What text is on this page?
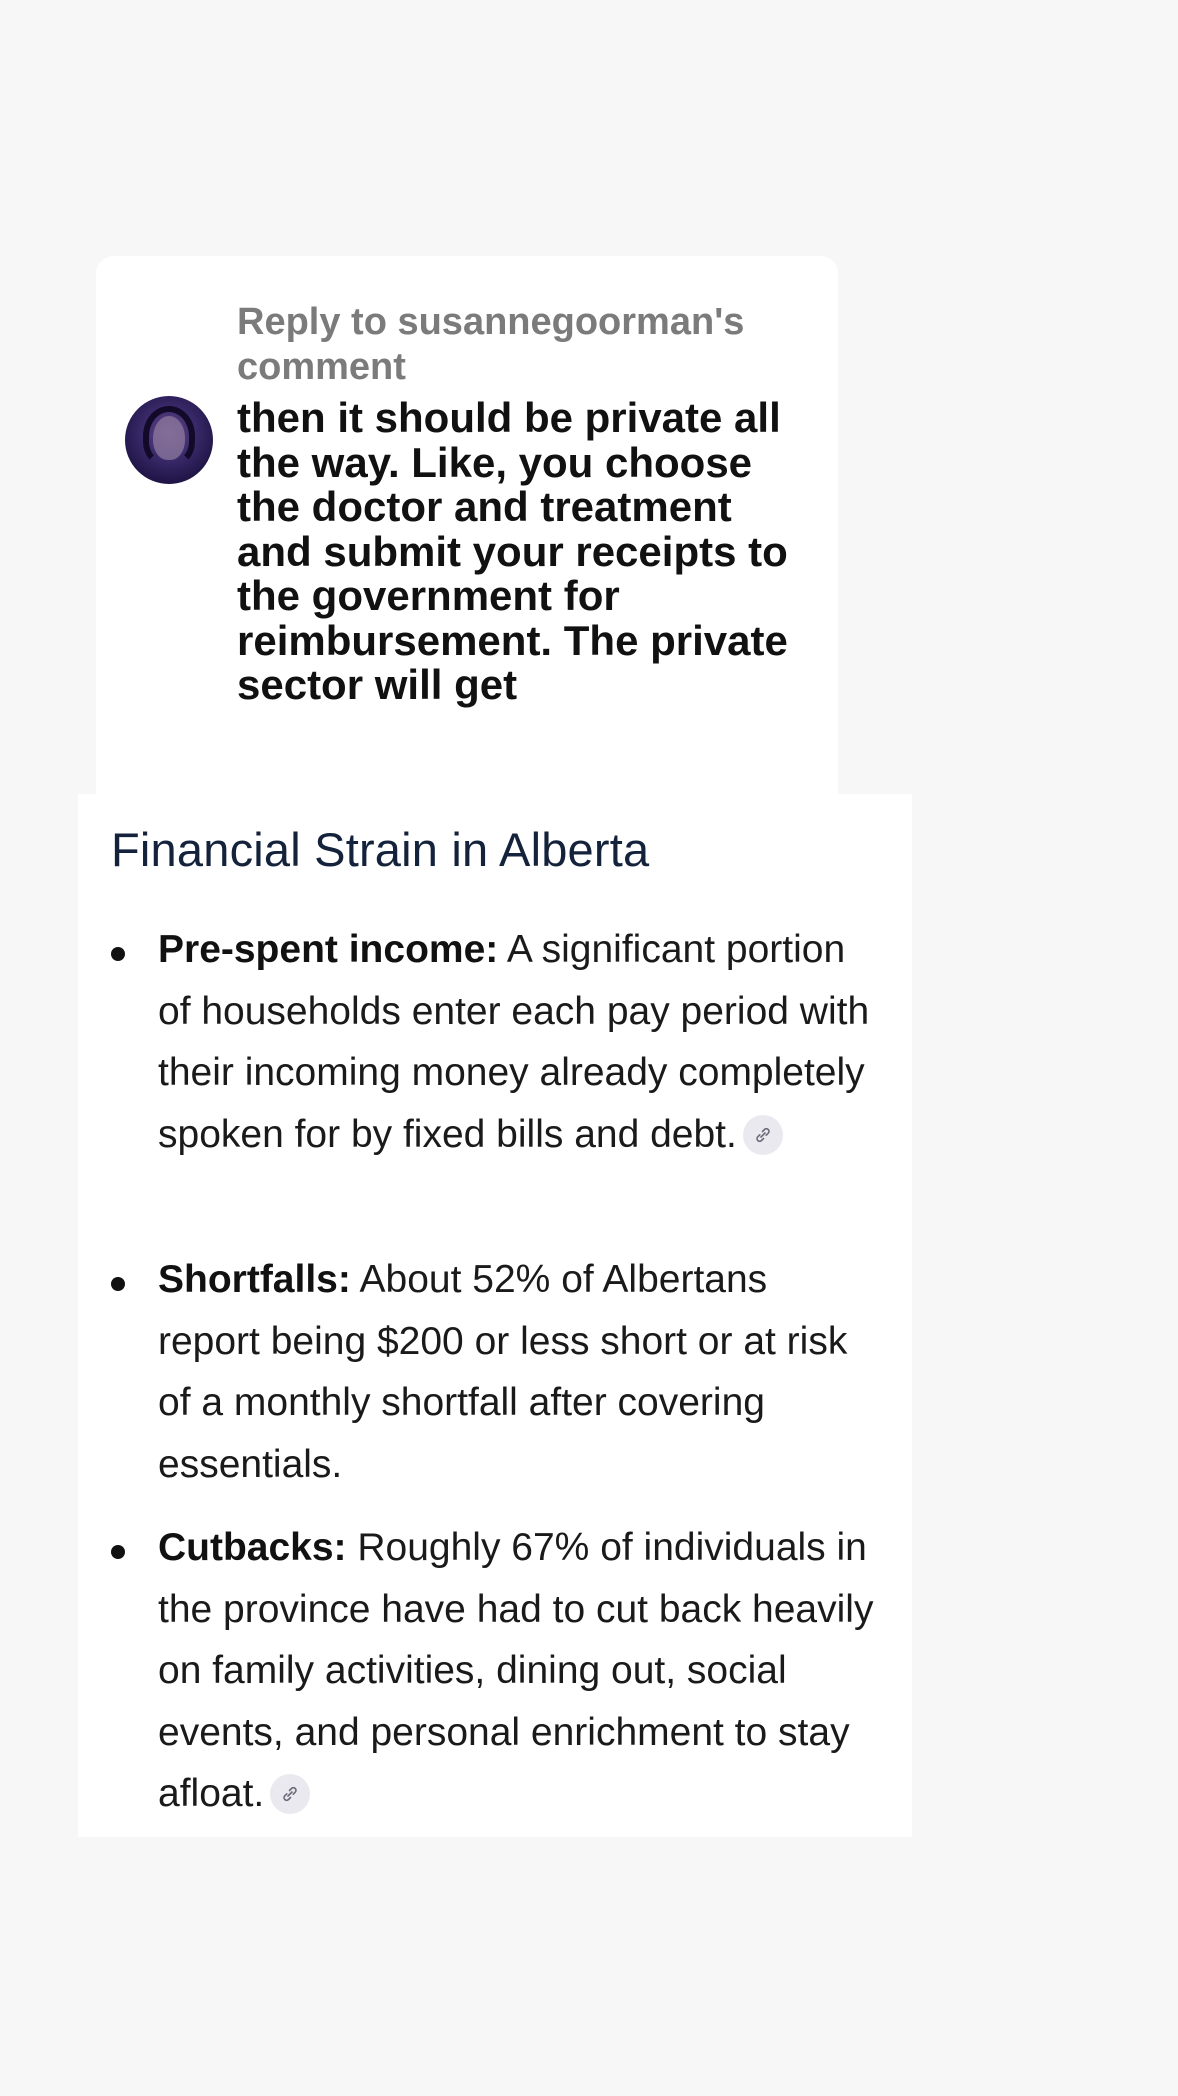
Reply to susannegoorman's comment

then it should be private all the way. Like, you choose the doctor and treatment and submit your receipts to the government for reimbursement. The private sector will get

Financial Strain in Alberta

Pre-spent income: A significant portion of households enter each pay period with their incoming money already completely spoken for by fixed bills and debt.

Shortfalls: About 52% of Albertans report being $200 or less short or at risk of a monthly shortfall after covering essentials.

Cutbacks: Roughly 67% of individuals in the province have had to cut back heavily on family activities, dining out, social events, and personal enrichment to stay afloat.
